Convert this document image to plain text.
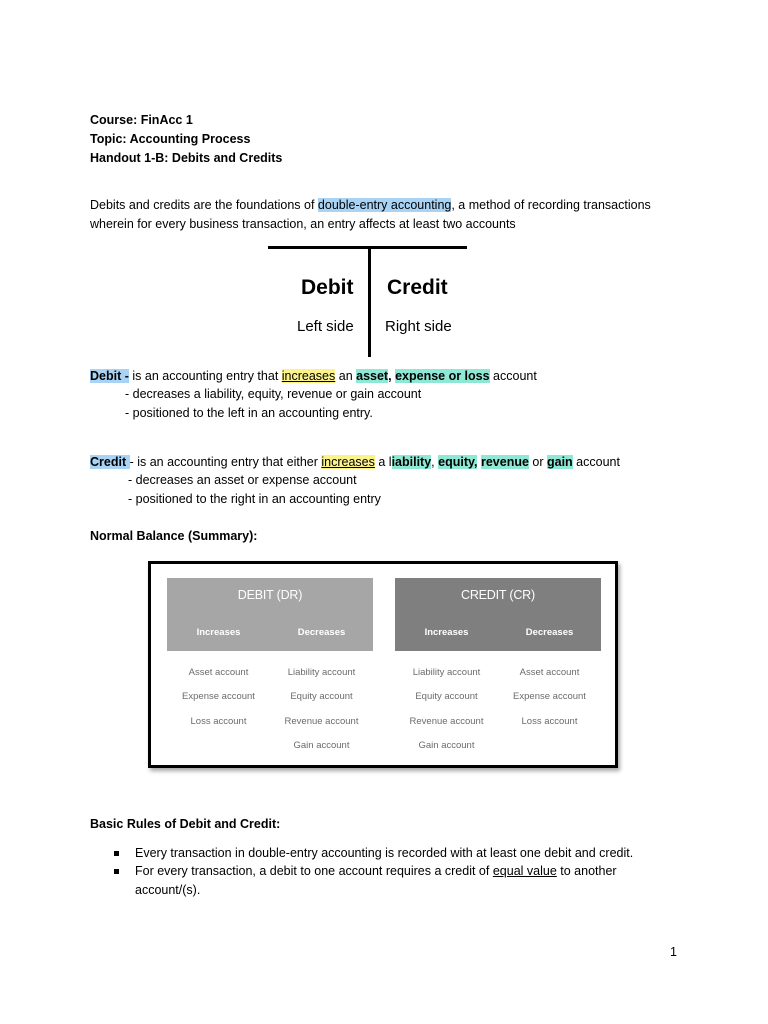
Course: FinAcc 1
Topic: Accounting Process
Handout 1-B: Debits and Credits
Debits and credits are the foundations of double-entry accounting, a method of recording transactions
wherein for every business transaction, an entry affects at least two accounts
Debit Credit
Left side Right side
Debit - is an accounting entry that increases an asset, expense or loss account
- decreases a liability, equity, revenue or gain account
- positioned to the left in an accounting entry.
Credit - is an accounting entry that either increases a liability, equity, revenue or gain account
- decreases an asset or expense account
- positioned to the right in an accounting entry
Normal Balance (Summary):
DEBIT (DR)
Increases	Decreases
CREDIT (CR)
Increases	Decreases
Asset account
Expense account
Loss account
Liability account
Equity account
Revenue account
Gain account
Liability account
Equity account
Revenue account
Gain account
Asset account
Expense account
Loss account
Basic Rules of Debit and Credit:
Every transaction in double-entry accounting is recorded with at least one debit and credit.
For every transaction, a debit to one account requires a credit of equal value to another
account/(s).
1
